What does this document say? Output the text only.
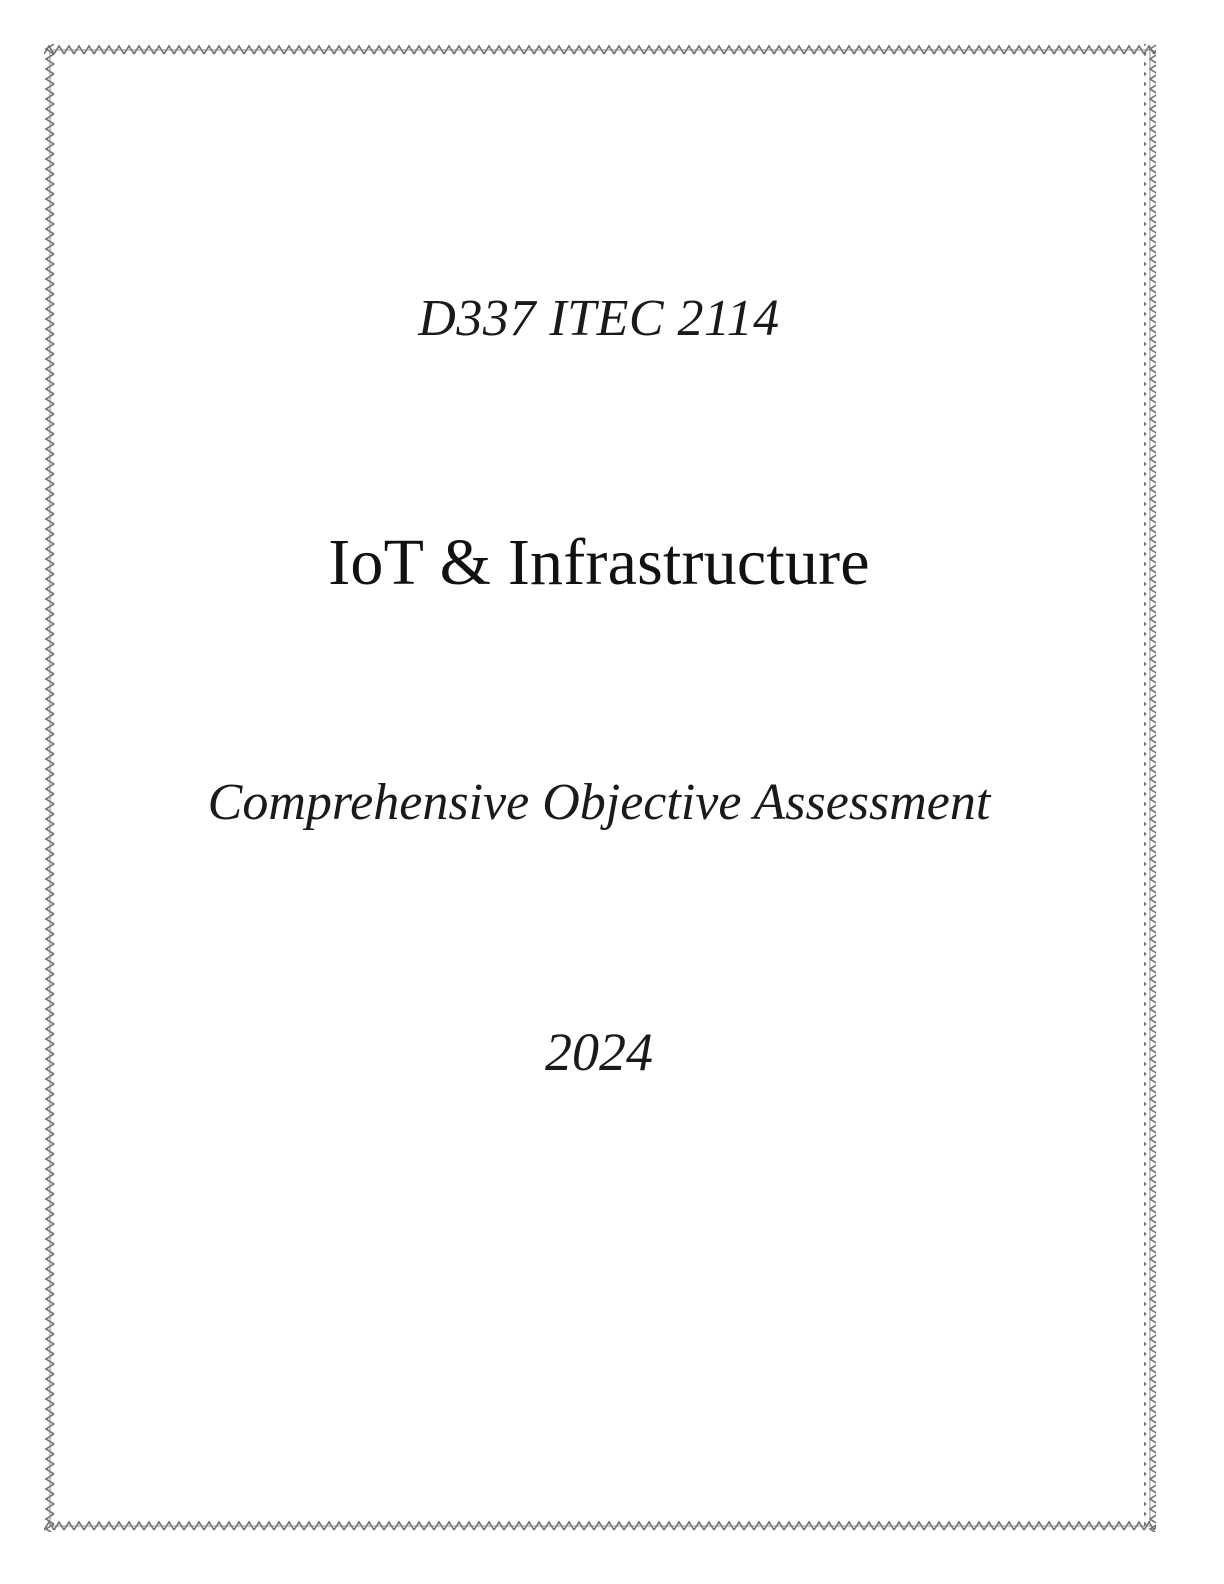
D337 ITEC 2114
IoT & Infrastructure
Comprehensive Objective Assessment
2024
